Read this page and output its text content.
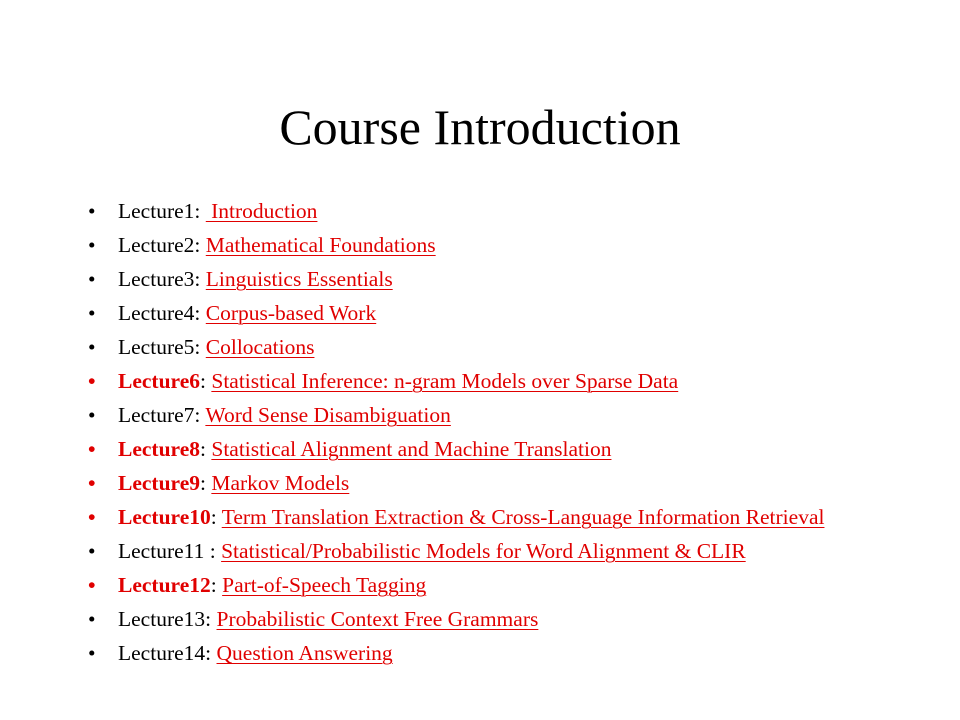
Course Introduction
• Lecture1:  Introduction
• Lecture2: Mathematical Foundations
• Lecture3: Linguistics Essentials
• Lecture4: Corpus-based Work
• Lecture5: Collocations
• Lecture6: Statistical Inference: n-gram Models over Sparse Data
• Lecture7: Word Sense Disambiguation
• Lecture8: Statistical Alignment and Machine Translation
• Lecture9: Markov Models
• Lecture10: Term Translation Extraction & Cross-Language Information Retrieval
• Lecture11 : Statistical/Probabilistic Models for Word Alignment & CLIR
• Lecture12: Part-of-Speech Tagging
• Lecture13: Probabilistic Context Free Grammars
• Lecture14: Question Answering
